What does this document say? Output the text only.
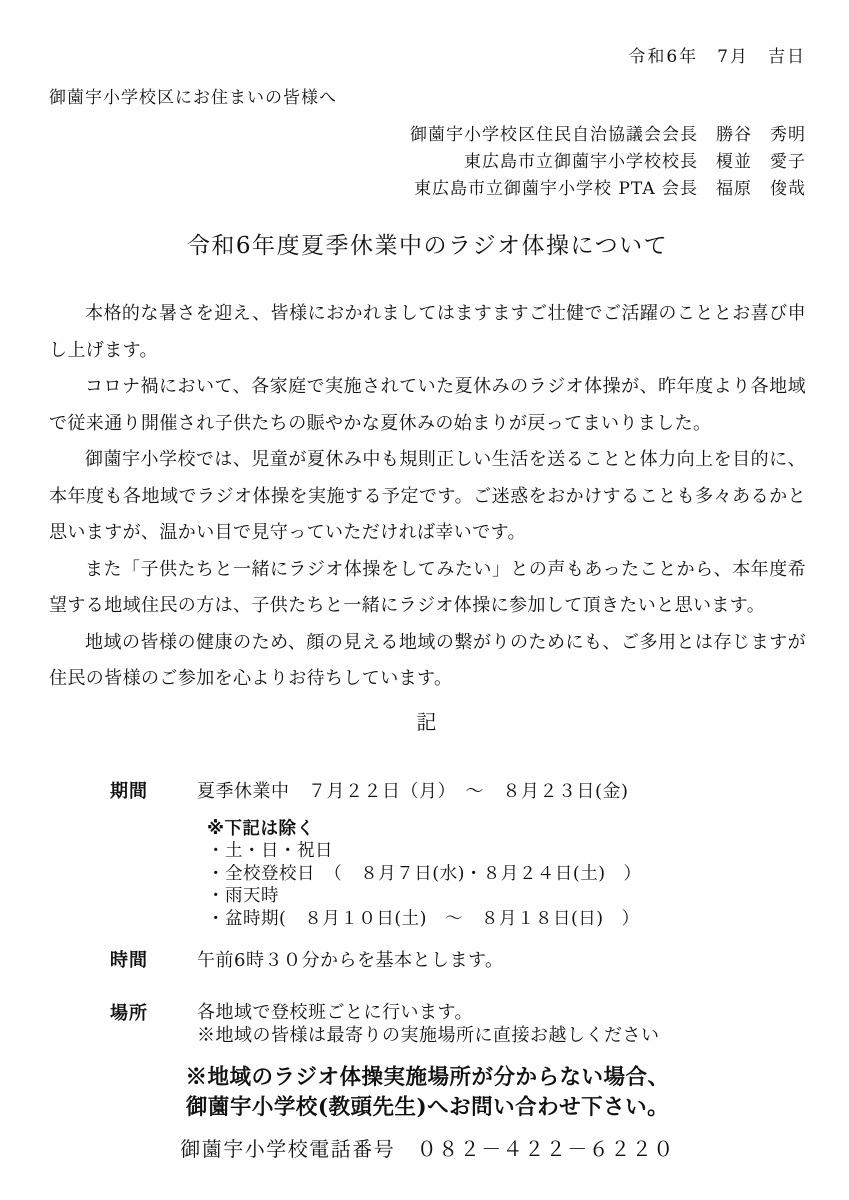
令和6年　7月　吉日
御薗宇小学校区にお住まいの皆様へ
御薗宇小学校区住民自治協議会会長　勝谷　秀明
東広島市立御薗宇小学校校長　榎並　愛子
東広島市立御薗宇小学校 PTA 会長　福原　俊哉
令和6年度夏季休業中のラジオ体操について

本格的な暑さを迎え、皆様におかれましてはますますご壮健でご活躍のこととお喜び申し上げます。

コロナ禍において、各家庭で実施されていた夏休みのラジオ体操が、昨年度より各地域で従来通り開催され子供たちの賑やかな夏休みの始まりが戻ってまいりました。

御薗宇小学校では、児童が夏休み中も規則正しい生活を送ることと体力向上を目的に、本年度も各地域でラジオ体操を実施する予定です。ご迷惑をおかけすることも多々あるかと思いますが、温かい目で見守っていただければ幸いです。

また「子供たちと一緒にラジオ体操をしてみたい」との声もあったことから、本年度希望する地域住民の方は、子供たちと一緒にラジオ体操に参加して頂きたいと思います。

地域の皆様の健康のため、顔の見える地域の繋がりのためにも、ご多用とは存じますが住民の皆様のご参加を心よりお待ちしています。

記
期間	夏季休業中　７月２２日（月）　～　８月２３日(金)
※下記は除く
・土・日・祝日
・全校登校日　（　８月７日(水)・８月２４日(土)　）
・雨天時
・盆時期(　８月１０日(土)　～　８月１８日(日)　）
時間	午前6時３０分からを基本とします。
場所	各地域で登校班ごとに行います。
※地域の皆様は最寄りの実施場所に直接お越しください
※地域のラジオ体操実施場所が分からない場合、
御薗宇小学校(教頭先生)へお問い合わせ下さい。
御薗宇小学校電話番号　０８２－４２２－６２２０
